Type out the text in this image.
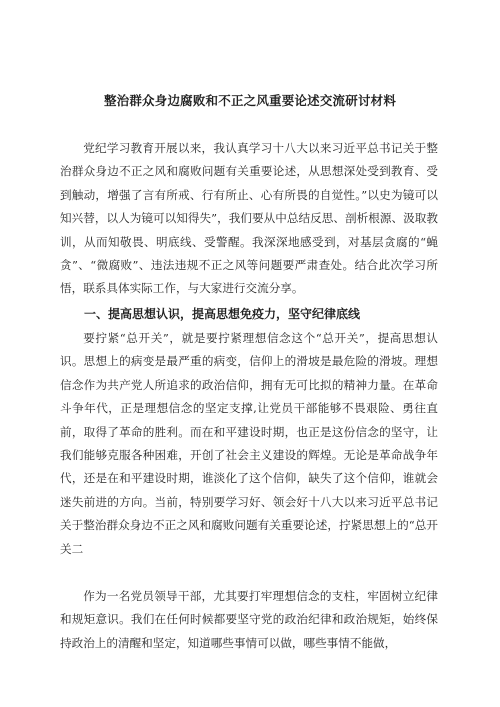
整治群众身边腐败和不正之风重要论述交流研讨材料

党纪学习教育开展以来，我认真学习十八大以来习近平总书记关于整治群众身边不正之风和腐败问题有关重要论述，从思想深处受到教育、受到触动，增强了言有所戒、行有所止、心有所畏的自觉性。”以史为镜可以知兴替，以人为镜可以知得失”，我们要从中总结反思、剖析根源、汲取教训，从而知敬畏、明底线、受警醒。我深深地感受到，对基层贪腐的“蝇贪”、“微腐败”、违法违规不正之风等问题要严肃查处。结合此次学习所悟，联系具体实际工作，与大家进行交流分享。

一、提高思想认识，提高思想免疫力，坚守纪律底线

要拧紧“总开关”，就是要拧紧理想信念这个“总开关”，提高思想认识。思想上的病变是最严重的病变，信仰上的滑坡是最危险的滑坡。理想信念作为共产党人所追求的政治信仰，拥有无可比拟的精神力量。在革命斗争年代，正是理想信念的坚定支撑,让党员干部能够不畏艰险、勇往直前，取得了革命的胜利。而在和平建设时期，也正是这份信念的坚守，让我们能够克服各种困难，开创了社会主义建设的辉煌。无论是革命战争年代，还是在和平建设时期，谁淡化了这个信仰，缺失了这个信仰，谁就会迷失前进的方向。当前，特别要学习好、领会好十八大以来习近平总书记关于整治群众身边不正之风和腐败问题有关重要论述，拧紧思想上的“总开关二

作为一名党员领导干部，尤其要打牢理想信念的支柱，牢固树立纪律和规矩意识。我们在任何时候都要坚守党的政治纪律和政治规矩，始终保持政治上的清醒和坚定，知道哪些事情可以做，哪些事情不能做，
